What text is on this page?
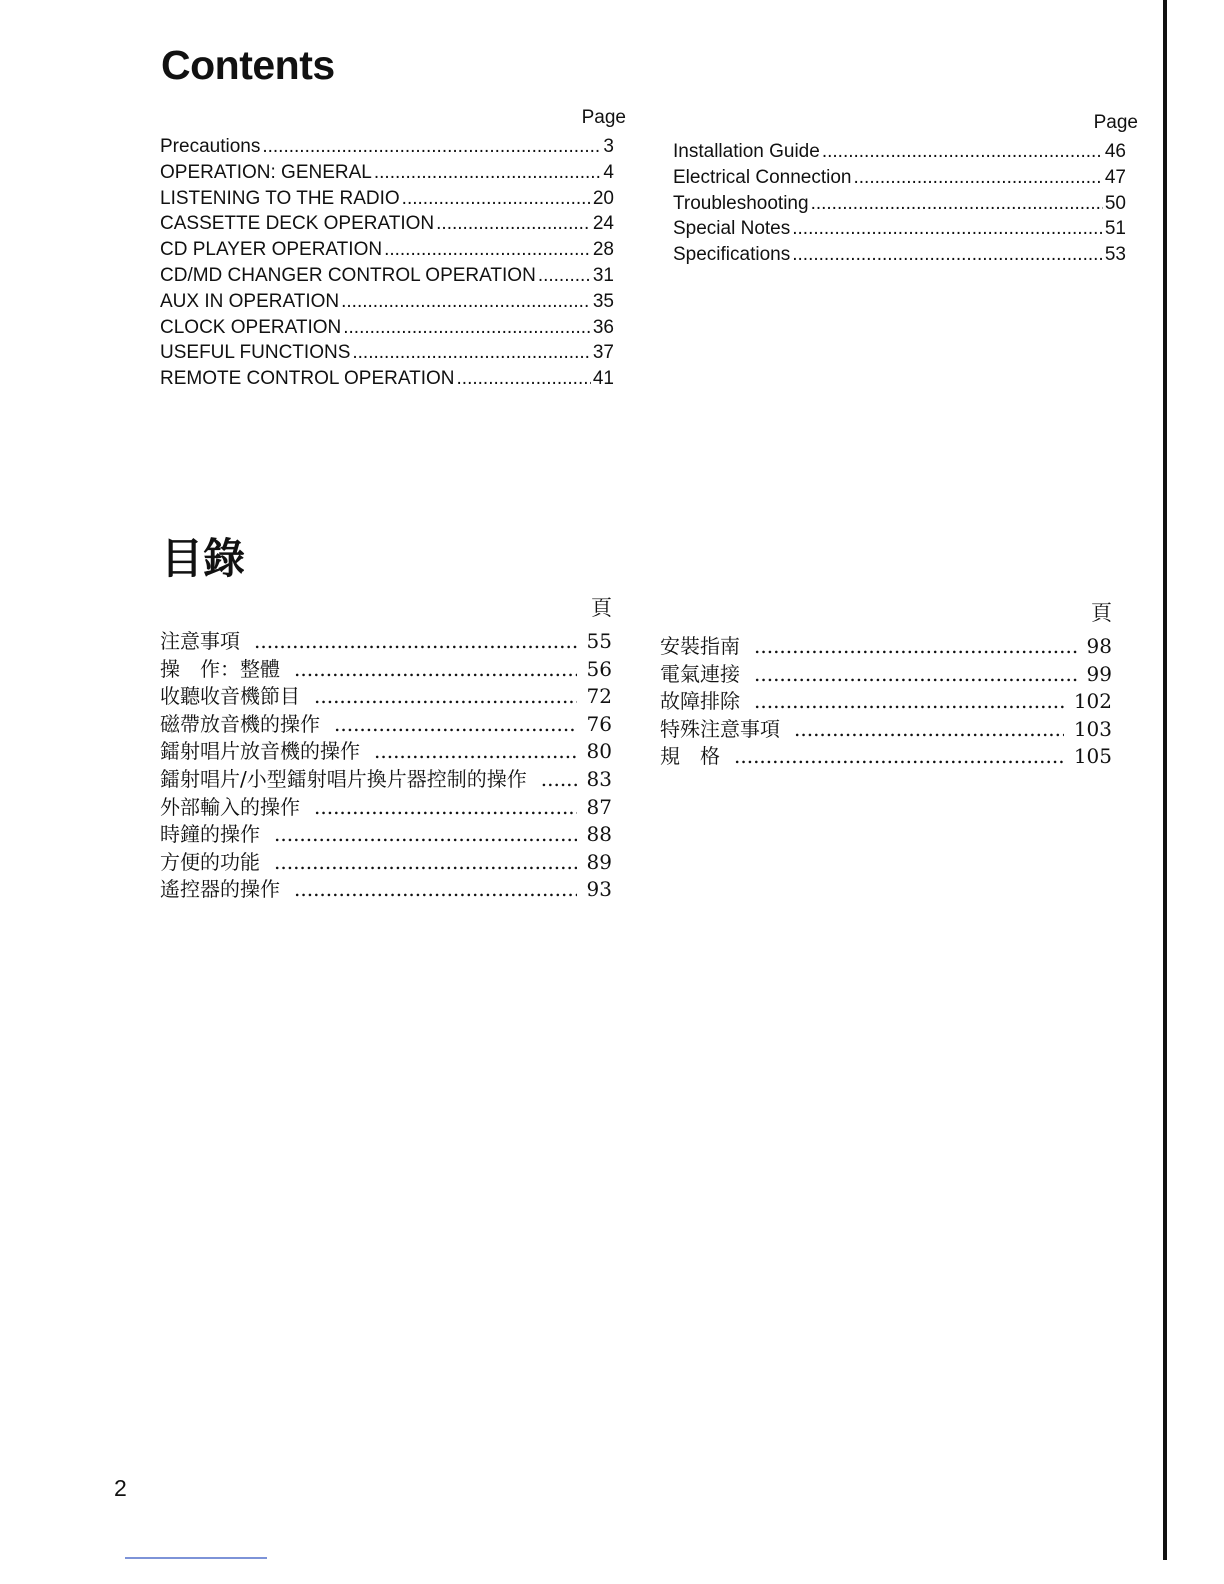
Contents
Page
Precautions .....	3
OPERATION: GENERAL .....	4
LISTENING TO THE RADIO .....	20
CASSETTE DECK OPERATION .....	24
CD PLAYER OPERATION .....	28
CD/MD CHANGER CONTROL OPERATION .....	31
AUX IN OPERATION .....	35
CLOCK OPERATION .....	36
USEFUL FUNCTIONS .....	37
REMOTE CONTROL OPERATION .....	41
Page
Installation Guide .....	46
Electrical Connection .....	47
Troubleshooting .....	50
Special Notes .....	51
Specifications .....	53
目錄
頁
注意事項 .....	55
操　作：整體 .....	56
收聽收音機節目 .....	72
磁帶放音機的操作 .....	76
鐳射唱片放音機的操作 .....	80
鐳射唱片/小型鐳射唱片換片器控制的操作 .....	83
外部輸入的操作 .....	87
時鐘的操作 .....	88
方便的功能 .....	89
遙控器的操作 .....	93
頁
安裝指南 .....	98
電氣連接 .....	99
故障排除 .....	102
特殊注意事項 .....	103
規　格 .....	105

2
